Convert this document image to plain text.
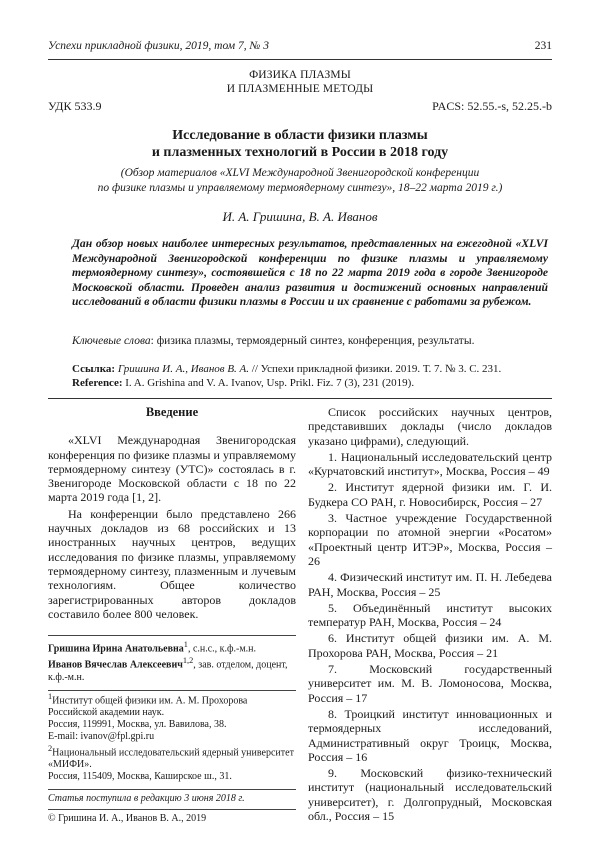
Успехи прикладной физики, 2019, том 7, № 3	231
ФИЗИКА ПЛАЗМЫ
И ПЛАЗМЕННЫЕ МЕТОДЫ
УДК 533.9	PACS: 52.55.-s, 52.25.-b
Исследование в области физики плазмы
и плазменных технологий в России в 2018 году
(Обзор материалов «XLVI Международной Звенигородской конференции
по физике плазмы и управляемому термоядерному синтезу», 18–22 марта 2019 г.)
И. А. Гришина, В. А. Иванов
Дан обзор новых наиболее интересных результатов, представленных на ежегодной «XLVI Международной Звенигородской конференции по физике плазмы и управляемому термоядерному синтезу», состоявшейся с 18 по 22 марта 2019 года в городе Звенигороде Московской области. Проведен анализ развития и достижений основных направлений исследований в области физики плазмы в России и их сравнение с работами за рубежом.
Ключевые слова: физика плазмы, термоядерный синтез, конференция, результаты.
Ссылка: Гришина И. А., Иванов В. А. // Успехи прикладной физики. 2019. Т. 7. № 3. С. 231.
Reference: I. A. Grishina and V. A. Ivanov, Usp. Prikl. Fiz. 7 (3), 231 (2019).
Введение

«XLVI Международная Звенигородская конференция по физике плазмы и управляемому термоядерному синтезу (УТС)» состоялась в г. Звенигороде Московской области с 18 по 22 марта 2019 года [1, 2].

На конференции было представлено 266 научных докладов из 68 российских и 13 иностранных научных центров, ведущих исследования по физике плазмы, управляемому термоядерному синтезу, плазменным и лучевым технологиям. Общее количество зарегистрированных авторов докладов составило более 800 человек.

Гришина Ирина Анатольевна$^1$, с.н.с., к.ф.-м.н.
Иванов Вячеслав Алексеевич$^{1,2}$, зав. отделом, доцент, к.ф.-м.н.
$^1$Институт общей физики им. А. М. Прохорова Российской академии наук.
Россия, 119991, Москва, ул. Вавилова, 38.
E-mail: ivanov@fpl.gpi.ru
$^2$Национальный исследовательский ядерный университет «МИФИ».
Россия, 115409, Москва, Каширское ш., 31.
Статья поступила в редакцию 3 июня 2018 г.
© Гришина И. А., Иванов В. А., 2019

Список российских научных центров, представивших доклады (число докладов указано цифрами), следующий.

1. Национальный исследовательский центр «Курчатовский институт», Москва, Россия – 49

2. Институт ядерной физики им. Г. И. Будкера СО РАН, г. Новосибирск, Россия – 27

3. Частное учреждение Государственной корпорации по атомной энергии «Росатом» «Проектный центр ИТЭР», Москва, Россия – 26

4. Физический институт им. П. Н. Лебедева РАН, Москва, Россия – 25

5. Объединённый институт высоких температур РАН, Москва, Россия – 24

6. Институт общей физики им. А. М. Прохорова РАН, Москва, Россия – 21

7. Московский государственный университет им. М. В. Ломоносова, Москва, Россия – 17

8. Троицкий институт инновационных и термоядерных исследований, Административный округ Троицк, Москва, Россия – 16

9. Московский физико-технический институт (национальный исследовательский университет), г. Долгопрудный, Московская обл., Россия – 15
